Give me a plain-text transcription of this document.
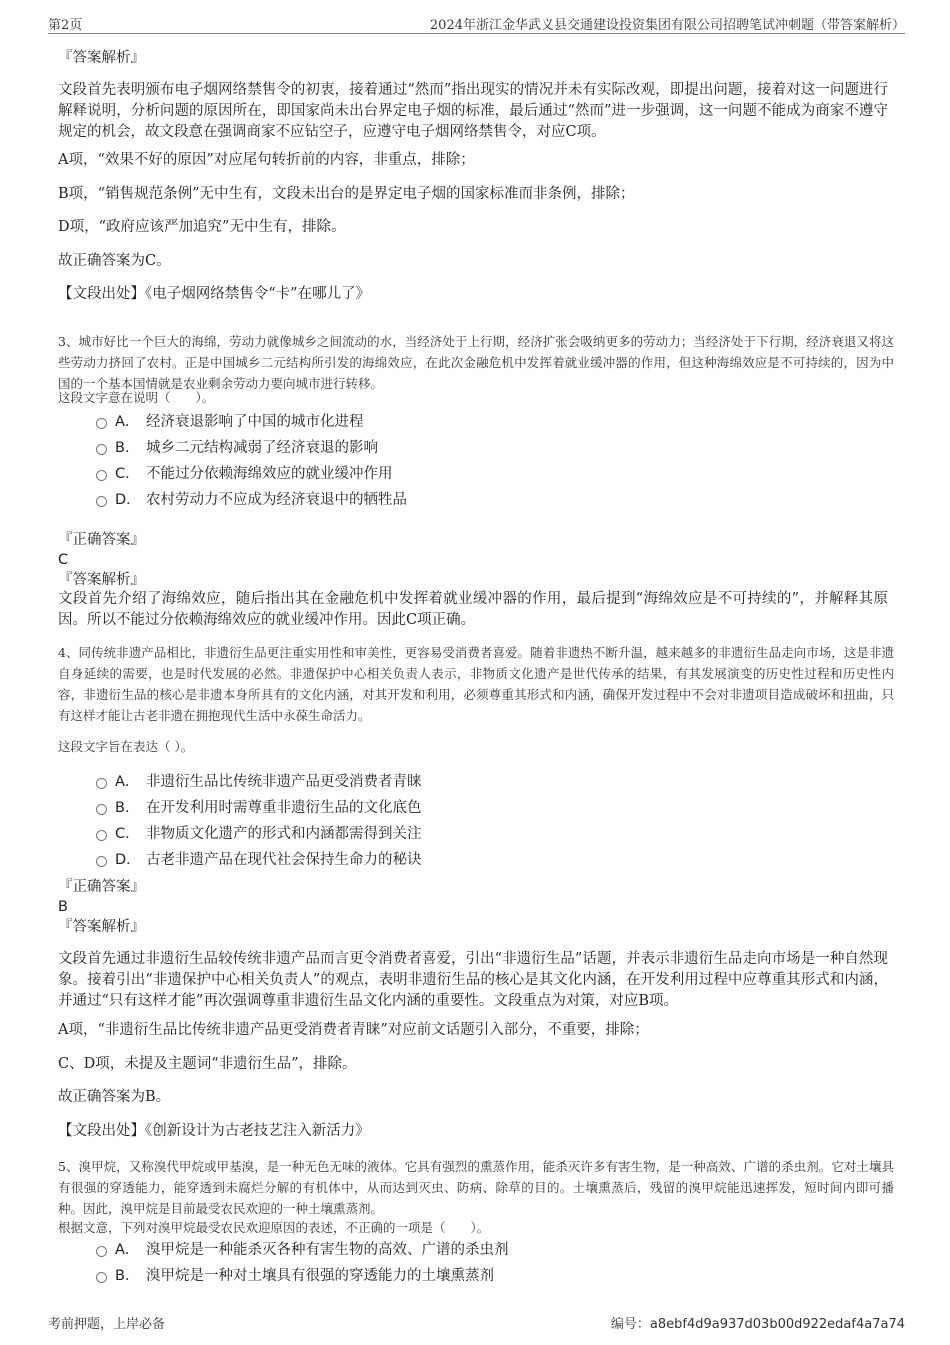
第2页	2024年浙江金华武义县交通建设投资集团有限公司招聘笔试冲刺题（带答案解析）
『答案解析』
文段首先表明颁布电子烟网络禁售令的初衷，接着通过“然而”指出现实的情况并未有实际改观，即提出问题，接着对这一问题进行解释说明，分析问题的原因所在，即国家尚未出台界定电子烟的标准，最后通过“然而”进一步强调，这一问题不能成为商家不遵守规定的机会，故文段意在强调商家不应钻空子，应遵守电子烟网络禁售令，对应C项。
A项，“效果不好的原因”对应尾句转折前的内容，非重点，排除；
B项，“销售规范条例”无中生有，文段未出台的是界定电子烟的国家标准而非条例，排除；
D项，“政府应该严加追究”无中生有，排除。
故正确答案为C。
【文段出处】《电子烟网络禁售令“卡”在哪儿了》
3、城市好比一个巨大的海绵，劳动力就像城乡之间流动的水，当经济处于上行期，经济扩张会吸纳更多的劳动力；当经济处于下行期，经济衰退又将这些劳动力挤回了农村。正是中国城乡二元结构所引发的海绵效应，在此次金融危机中发挥着就业缓冲器的作用，但这种海绵效应是不可持续的，因为中国的一个基本国情就是农业剩余劳动力要向城市进行转移。
这段文字意在说明（　　）。
A． 经济衰退影响了中国的城市化进程
B． 城乡二元结构减弱了经济衰退的影响
C． 不能过分依赖海绵效应的就业缓冲作用
D． 农村劳动力不应成为经济衰退中的牺牲品
『正确答案』
C
『答案解析』
文段首先介绍了海绵效应，随后指出其在金融危机中发挥着就业缓冲器的作用，最后提到“海绵效应是不可持续的”，并解释其原因。所以不能过分依赖海绵效应的就业缓冲作用。因此C项正确。
4、同传统非遗产品相比，非遗衍生品更注重实用性和审美性，更容易受消费者喜爱。随着非遗热不断升温，越来越多的非遗衍生品走向市场，这是非遗自身延续的需要，也是时代发展的必然。非遗保护中心相关负责人表示，非物质文化遗产是世代传承的结果，有其发展演变的历史性过程和历史性内容，非遗衍生品的核心是非遗本身所具有的文化内涵，对其开发和利用，必须尊重其形式和内涵，确保开发过程中不会对非遗项目造成破坏和扭曲，只有这样才能让古老非遗在拥抱现代生活中永葆生命活力。
这段文字旨在表达（ ）。
A． 非遗衍生品比传统非遗产品更受消费者青睐
B． 在开发利用时需尊重非遗衍生品的文化底色
C． 非物质文化遗产的形式和内涵都需得到关注
D． 古老非遗产品在现代社会保持生命力的秘诀
『正确答案』
B
『答案解析』
文段首先通过非遗衍生品较传统非遗产品而言更令消费者喜爱，引出“非遗衍生品”话题，并表示非遗衍生品走向市场是一种自然现象。接着引出“非遗保护中心相关负责人”的观点，表明非遗衍生品的核心是其文化内涵，在开发利用过程中应尊重其形式和内涵，并通过“只有这样才能”再次强调尊重非遗衍生品文化内涵的重要性。文段重点为对策，对应B项。
A项，“非遗衍生品比传统非遗产品更受消费者青睐”对应前文话题引入部分，不重要，排除；
C、D项，未提及主题词“非遗衍生品”，排除。
故正确答案为B。
【文段出处】《创新设计为古老技艺注入新活力》
5、溴甲烷，又称溴代甲烷或甲基溴，是一种无色无味的液体。它具有强烈的熏蒸作用，能杀灭许多有害生物，是一种高效、广谱的杀虫剂。它对土壤具有很强的穿透能力，能穿透到未腐烂分解的有机体中，从而达到灭虫、防病、除草的目的。土壤熏蒸后，残留的溴甲烷能迅速挥发，短时间内即可播种。因此，溴甲烷是目前最受农民欢迎的一种土壤熏蒸剂。
根据文意，下列对溴甲烷最受农民欢迎原因的表述，不正确的一项是（　　）。
A． 溴甲烷是一种能杀灭各种有害生物的高效、广谱的杀虫剂
B． 溴甲烷是一种对土壤具有很强的穿透能力的土壤熏蒸剂
考前押题，上岸必备	编号：a8ebf4d9a937d03b00d922edaf4a7a74
